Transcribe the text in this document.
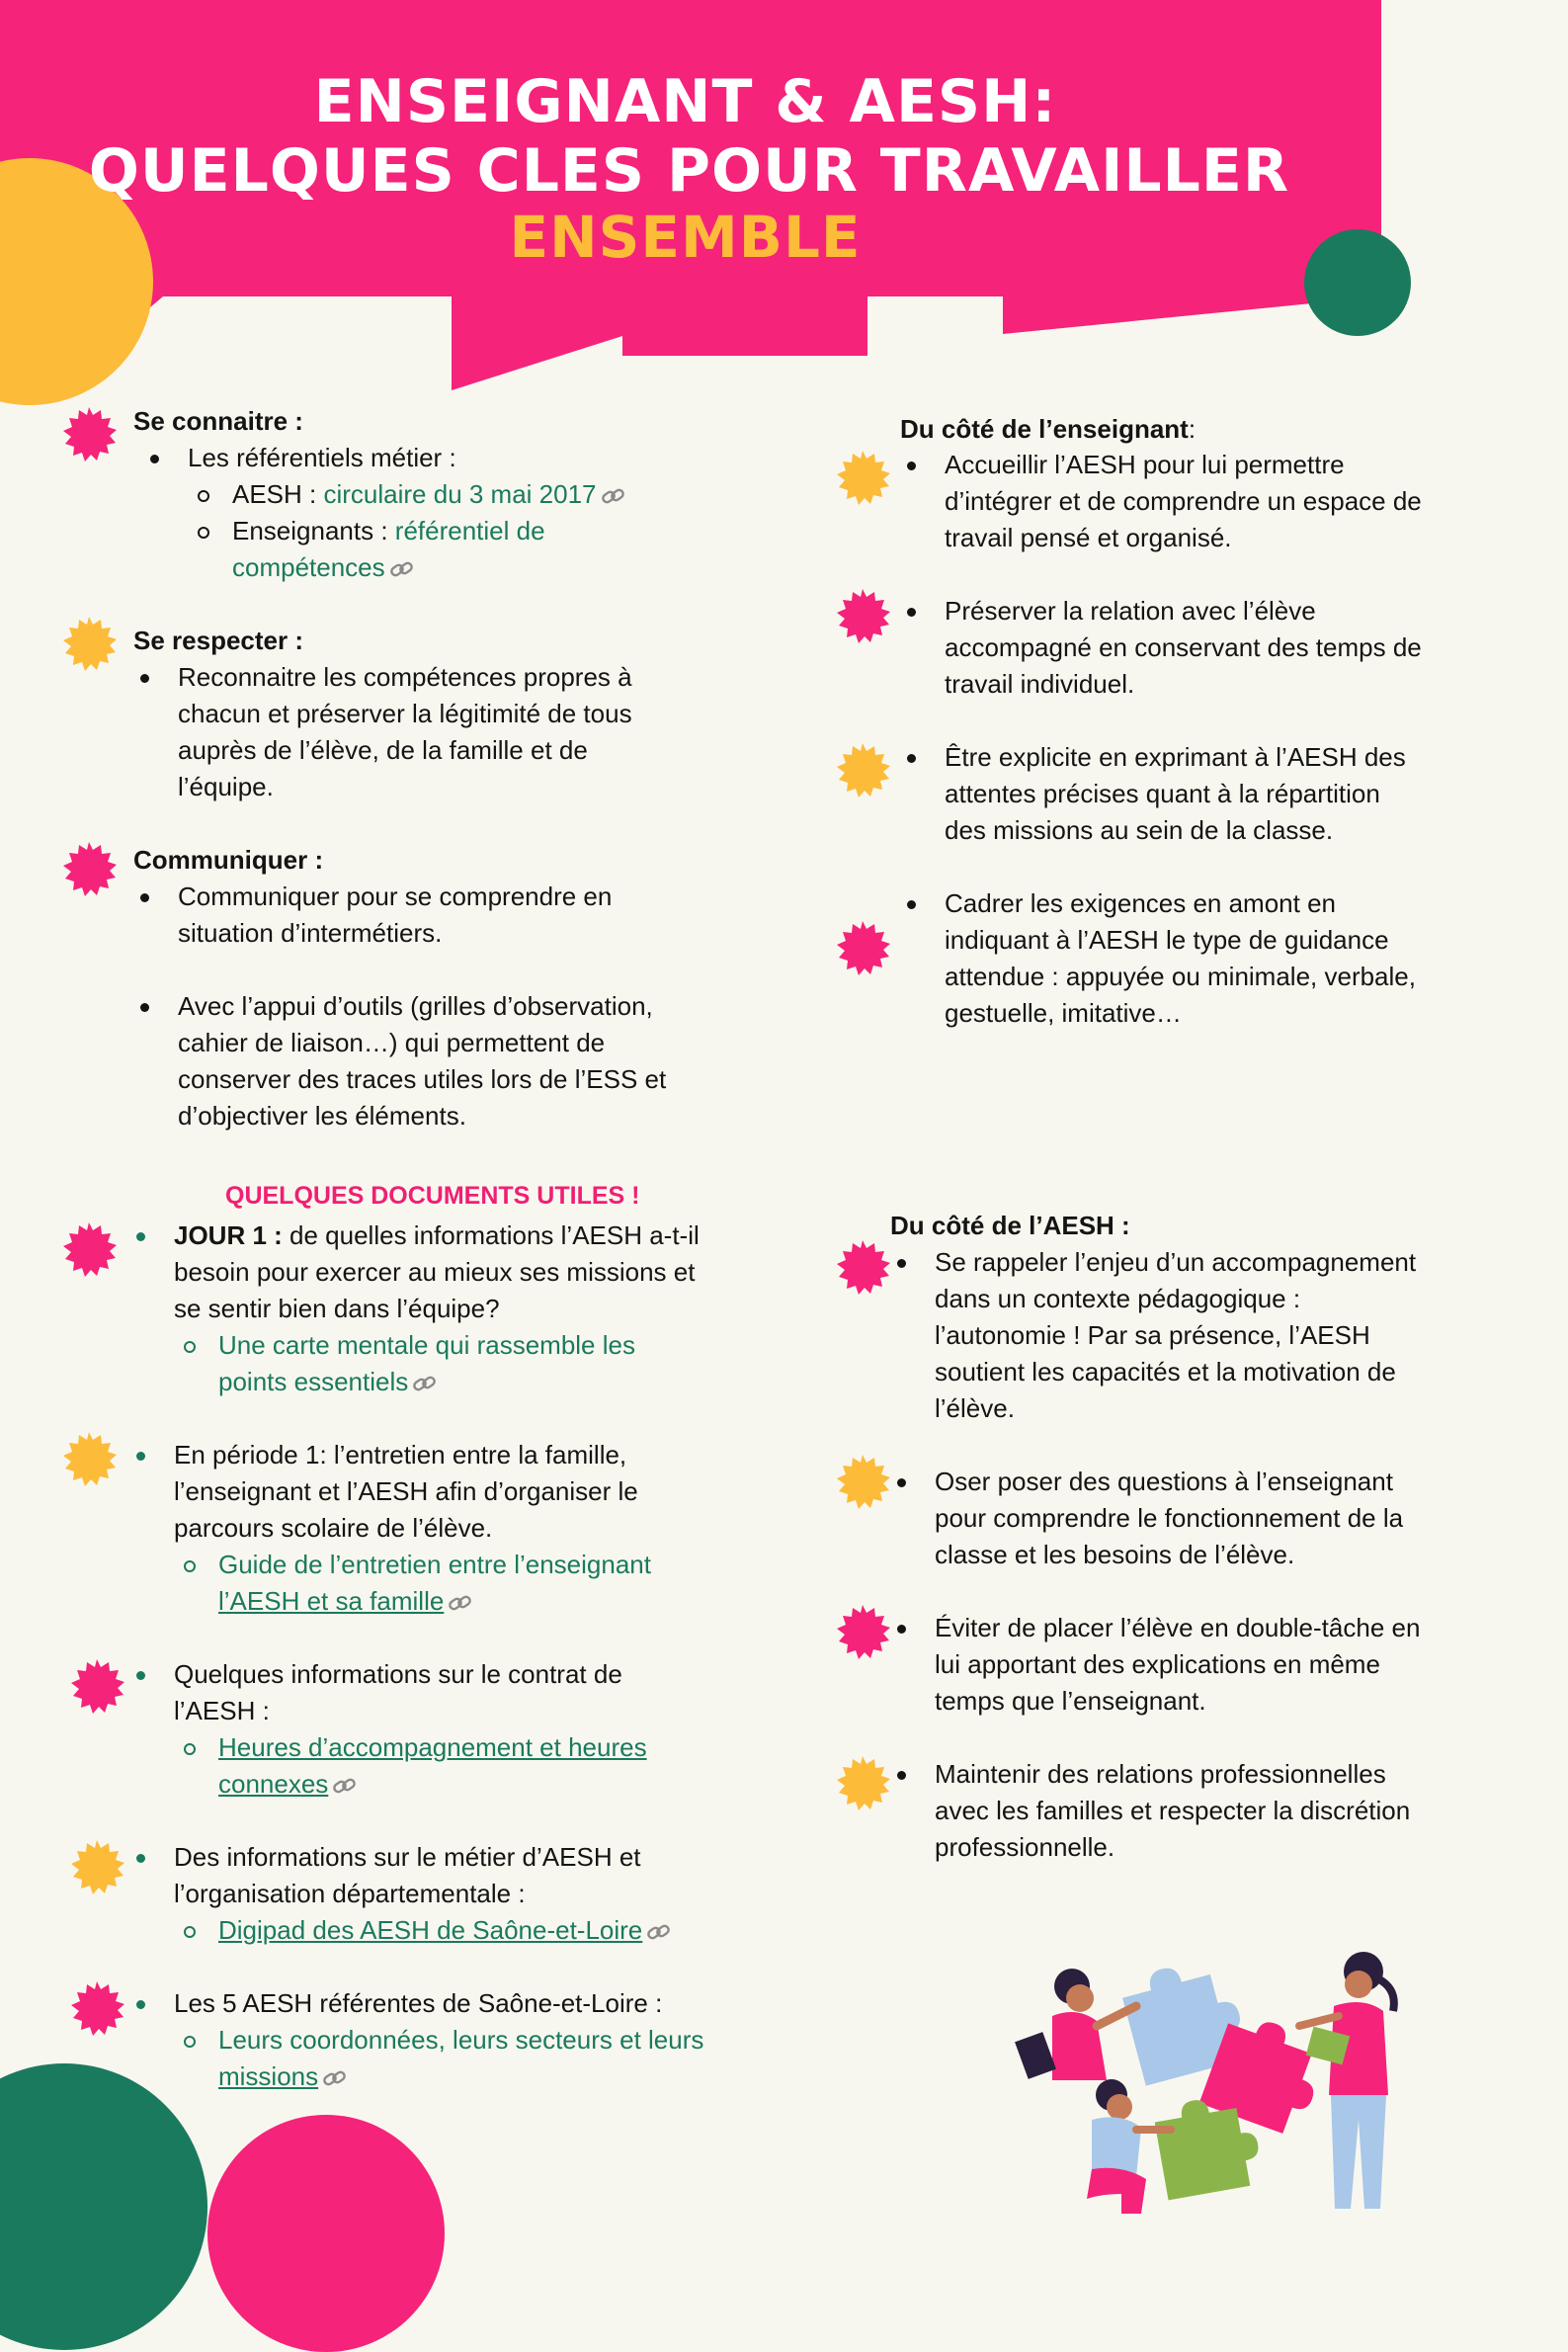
ENSEIGNANT & AESH:
QUELQUES CLES POUR TRAVAILLER
ENSEMBLE
Se connaitre :
Les référentiels métier :
AESH : circulaire du 3 mai 2017
Enseignants : référentiel de
compétences
Se respecter :
Reconnaitre les compétences propres à
chacun et préserver la légitimité de tous
auprès de l’élève, de la famille et de
l’équipe.
Communiquer :
Communiquer pour se comprendre en
situation d’intermétiers.
Avec l’appui d’outils (grilles d’observation,
cahier de liaison…) qui permettent de
conserver des traces utiles lors de l’ESS et
d’objectiver les éléments.
QUELQUES DOCUMENTS UTILES !
JOUR 1 : de quelles informations l’AESH a-t-il
besoin pour exercer au mieux ses missions et
se sentir bien dans l’équipe?
Une carte mentale qui rassemble les
points essentiels
En période 1: l’entretien entre la famille,
l’enseignant et l’AESH afin d’organiser le
parcours scolaire de l’élève.
Guide de l’entretien entre l’enseignant
l’AESH et sa famille
Quelques informations sur le contrat de
l’AESH :
Heures d’accompagnement et heures
connexes
Des informations sur le métier d’AESH et
l’organisation départementale :
Digipad des AESH de Saône-et-Loire
Les 5 AESH référentes de Saône-et-Loire :
Leurs coordonnées, leurs secteurs et leurs
missions
Du côté de l’enseignant:
Accueillir l’AESH pour lui permettre
d’intégrer et de comprendre un espace de
travail pensé et organisé.
Préserver la relation avec l’élève
accompagné en conservant des temps de
travail individuel.
Être explicite en exprimant à l’AESH des
attentes précises quant à la répartition
des missions au sein de la classe.
Cadrer les exigences en amont en
indiquant à l’AESH le type de guidance
attendue : appuyée ou minimale, verbale,
gestuelle, imitative…
Du côté de l’AESH :
Se rappeler l’enjeu d’un accompagnement
dans un contexte pédagogique :
l’autonomie ! Par sa présence, l’AESH
soutient les capacités et la motivation de
l’élève.
Oser poser des questions à l’enseignant
pour comprendre le fonctionnement de la
classe et les besoins de l’élève.
Éviter de placer l’élève en double-tâche en
lui apportant des explications en même
temps que l’enseignant.
Maintenir des relations professionnelles
avec les familles et respecter la discrétion
professionnelle.
